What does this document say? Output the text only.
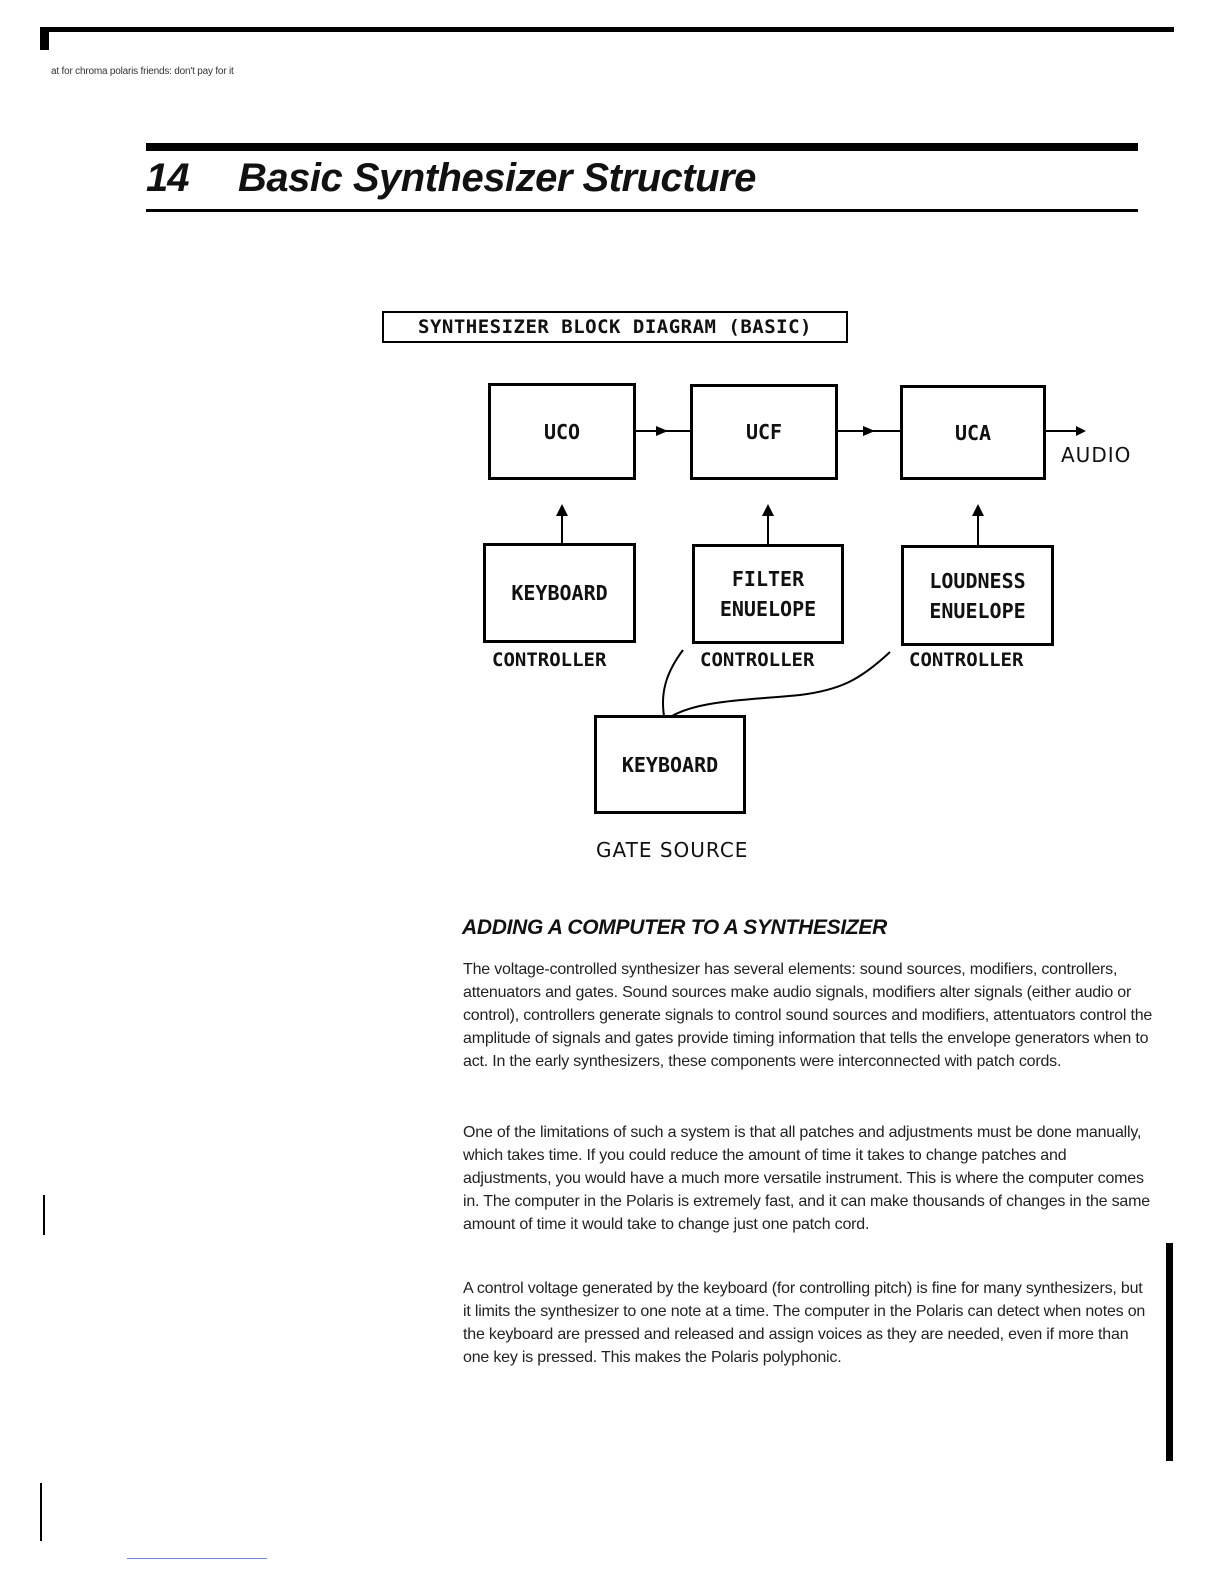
at for chroma polaris friends: don't pay for it
14 Basic Synthesizer Structure
SYNTHESIZER BLOCK DIAGRAM (BASIC)
UCO	UCF	UCA
AUDIO
KEYBOARD
FILTER
ENUELOPE
LOUDNESS
ENUELOPE
CONTROLLER	CONTROLLER	CONTROLLER
KEYBOARD
GATE SOURCE
ADDING A COMPUTER TO A SYNTHESIZER

The voltage-controlled synthesizer has several elements: sound sources, modifiers, controllers, attenuators and gates. Sound sources make audio signals, modifiers alter signals (either audio or control), controllers generate signals to control sound sources and modifiers, attentuators control the amplitude of signals and gates provide timing information that tells the envelope generators when to act. In the early synthesizers, these components were interconnected with patch cords.

One of the limitations of such a system is that all patches and adjustments must be done manually, which takes time. If you could reduce the amount of time it takes to change patches and adjustments, you would have a much more versatile instrument. This is where the computer comes in. The computer in the Polaris is extremely fast, and it can make thousands of changes in the same amount of time it would take to change just one patch cord.

A control voltage generated by the keyboard (for controlling pitch) is fine for many synthesizers, but it limits the synthesizer to one note at a time. The computer in the Polaris can detect when notes on the keyboard are pressed and released and assign voices as they are needed, even if more than one key is pressed. This makes the Polaris polyphonic.
